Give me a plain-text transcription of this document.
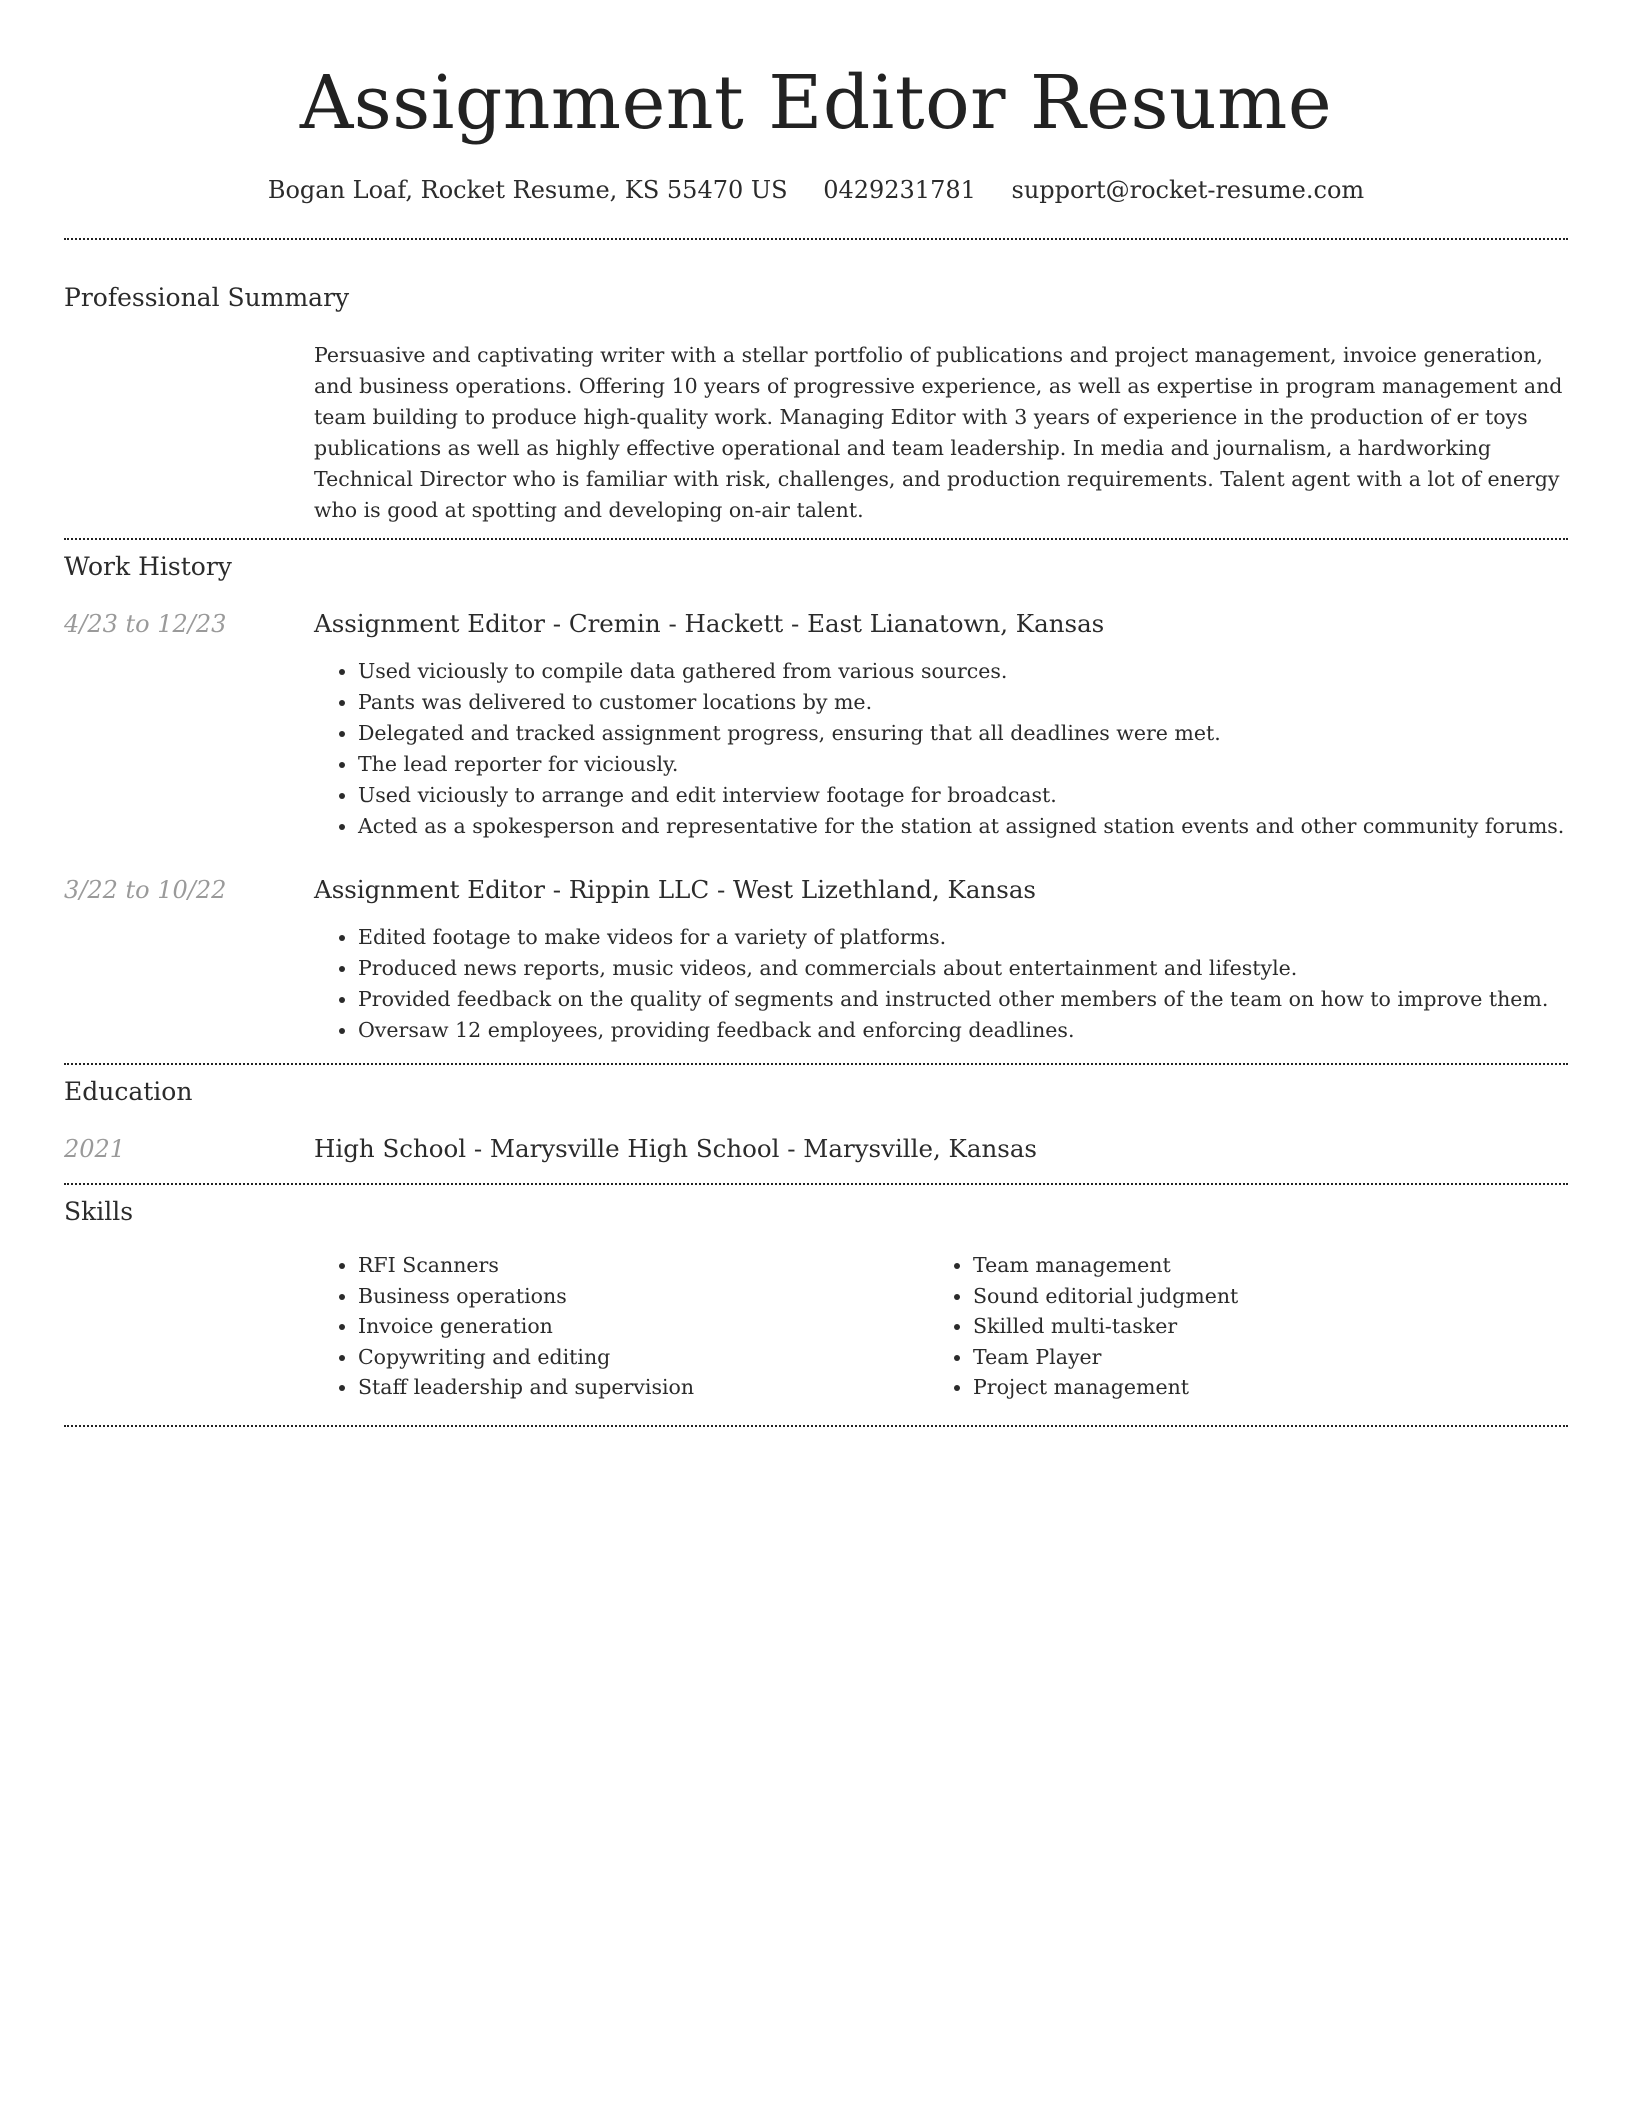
Assignment Editor Resume
Bogan Loaf, Rocket Resume, KS 55470 US 0429231781 support@rocket-resume.com
Professional Summary
Persuasive and captivating writer with a stellar portfolio of publications and project management, invoice generation, and business operations. Offering 10 years of progressive experience, as well as expertise in program management and team building to produce high-quality work. Managing Editor with 3 years of experience in the production of er toys publications as well as highly effective operational and team leadership. In media and journalism, a hardworking Technical Director who is familiar with risk, challenges, and production requirements. Talent agent with a lot of energy who is good at spotting and developing on-air talent.
Work History
4/23 to 12/23	Assignment Editor - Cremin - Hackett - East Lianatown, Kansas
• Used viciously to compile data gathered from various sources.
• Pants was delivered to customer locations by me.
• Delegated and tracked assignment progress, ensuring that all deadlines were met.
• The lead reporter for viciously.
• Used viciously to arrange and edit interview footage for broadcast.
• Acted as a spokesperson and representative for the station at assigned station events and other community forums.
3/22 to 10/22	Assignment Editor - Rippin LLC - West Lizethland, Kansas
• Edited footage to make videos for a variety of platforms.
• Produced news reports, music videos, and commercials about entertainment and lifestyle.
• Provided feedback on the quality of segments and instructed other members of the team on how to improve them.
• Oversaw 12 employees, providing feedback and enforcing deadlines.
Education
2021	High School - Marysville High School - Marysville, Kansas
Skills
• RFI Scanners
• Business operations
• Invoice generation
• Copywriting and editing
• Staff leadership and supervision
• Team management
• Sound editorial judgment
• Skilled multi-tasker
• Team Player
• Project management
